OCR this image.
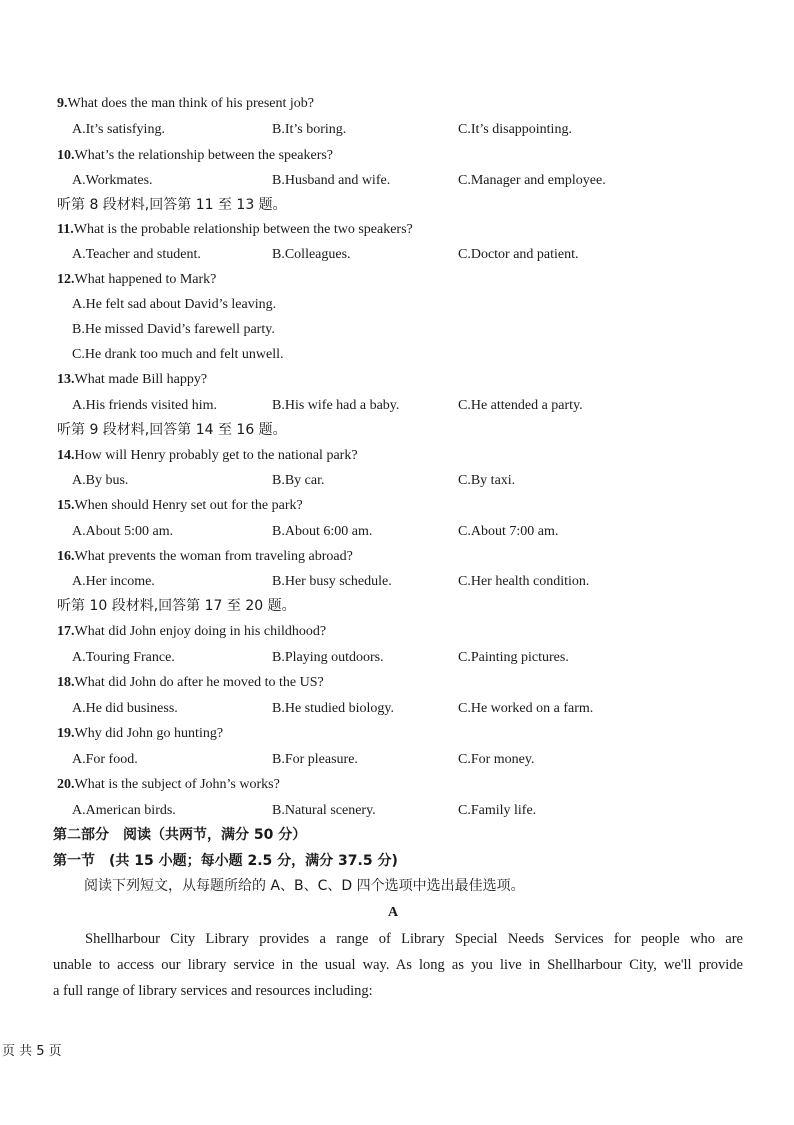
9.What does the man think of his present job?
A.It’s satisfying.	B.It’s boring.	C.It’s disappointing.
10.What’s the relationship between the speakers?
A.Workmates.	B.Husband and wife.	C.Manager and employee.
听第 8 段材料,回答第 11 至 13 题。
11.What is the probable relationship between the two speakers?
A.Teacher and student.	B.Colleagues.	C.Doctor and patient.
12.What happened to Mark?
A.He felt sad about David’s leaving.
B.He missed David’s farewell party.
C.He drank too much and felt unwell.
13.What made Bill happy?
A.His friends visited him.	B.His wife had a baby.	C.He attended a party.
听第 9 段材料,回答第 14 至 16 题。
14.How will Henry probably get to the national park?
A.By bus.	B.By car.	C.By taxi.
15.When should Henry set out for the park?
A.About 5:00 am.	B.About 6:00 am.	C.About 7:00 am.
16.What prevents the woman from traveling abroad?
A.Her income.	B.Her busy schedule.	C.Her health condition.
听第 10 段材料,回答第 17 至 20 题。
17.What did John enjoy doing in his childhood?
A.Touring France.	B.Playing outdoors.	C.Painting pictures.
18.What did John do after he moved to the US?
A.He did business.	B.He studied biology.	C.He worked on a farm.
19.Why did John go hunting?
A.For food.	B.For pleasure.	C.For money.
20.What is the subject of John’s works?
A.American birds.	B.Natural scenery.	C.Family life.
第二部分　阅读（共两节，满分 50 分）
第一节　(共 15 小题；每小题 2.5 分，满分 37.5 分)
阅读下列短文，从每题所给的 A、B、C、D 四个选项中选出最佳选项。
A
Shellharbour City Library provides a range of Library Special Needs Services for people who are
unable to access our library service in the usual way. As long as you live in Shellharbour City, we'll provide
a full range of library services and resources including:
页 共 5 页
